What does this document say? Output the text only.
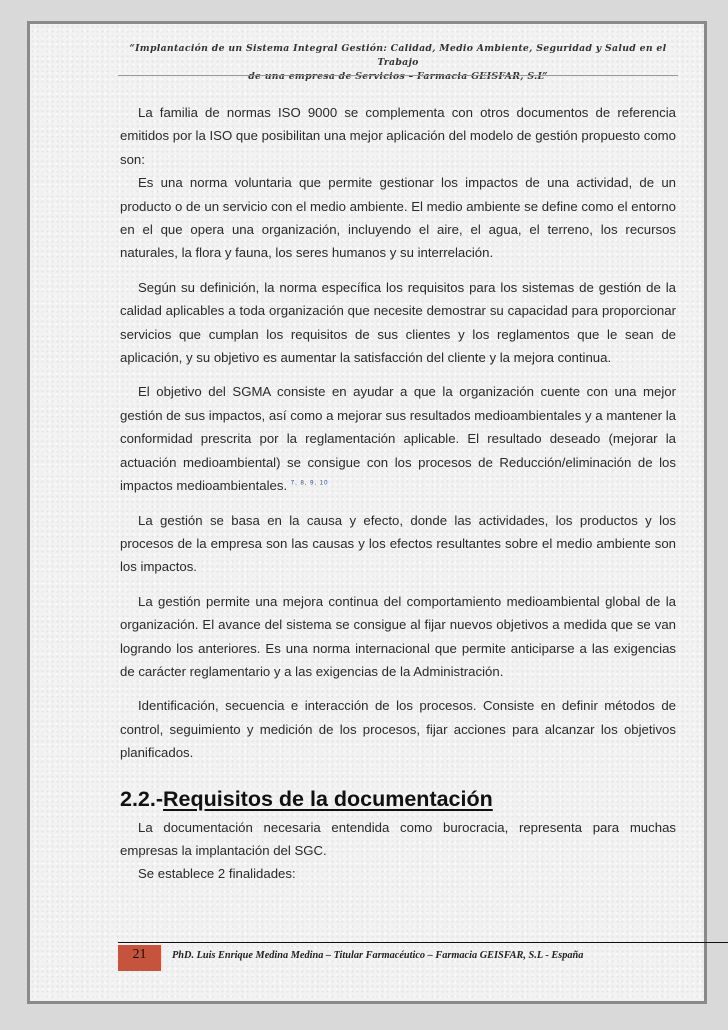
“Implantación de un Sistema Integral Gestión: Calidad, Medio Ambiente, Seguridad y Salud en el Trabajo
de una empresa de Servicios – Farmacia GEISFAR, S.L”

La familia de normas ISO 9000 se complementa con otros documentos de referencia emitidos por la ISO que posibilitan una mejor aplicación del modelo de gestión propuesto como son:

Es una norma voluntaria que permite gestionar los impactos de una actividad, de un producto o de un servicio con el medio ambiente. El medio ambiente se define como el entorno en el que opera una organización, incluyendo el aire, el agua, el terreno, los recursos naturales, la flora y fauna, los seres humanos y su interrelación.

Según su definición, la norma específica los requisitos para los sistemas de gestión de la calidad aplicables a toda organización que necesite demostrar su capacidad para proporcionar servicios que cumplan los requisitos de sus clientes y los reglamentos que le sean de aplicación, y su objetivo es aumentar la satisfacción del cliente y la mejora continua.

El objetivo del SGMA consiste en ayudar a que la organización cuente con una mejor gestión de sus impactos, así como a mejorar sus resultados medioambientales y a mantener la conformidad prescrita por la reglamentación aplicable. El resultado deseado (mejorar la actuación medioambiental) se consigue con los procesos de Reducción/eliminación de los impactos medioambientales. $^{7, 8, 9, 10}$

La gestión se basa en la causa y efecto, donde las actividades, los productos y los procesos de la empresa son las causas y los efectos resultantes sobre el medio ambiente son los impactos.

La gestión permite una mejora continua del comportamiento medioambiental global de la organización. El avance del sistema se consigue al fijar nuevos objetivos a medida que se van logrando los anteriores. Es una norma internacional que permite anticiparse a las exigencias de carácter reglamentario y a las exigencias de la Administración.

Identificación, secuencia e interacción de los procesos. Consiste en definir métodos de control, seguimiento y medición de los procesos, fijar acciones para alcanzar los objetivos planificados.

2.2.-Requisitos de la documentación

La documentación necesaria entendida como burocracia, representa para muchas empresas la implantación del SGC.

Se establece 2 finalidades:

21	PhD. Luis Enrique Medina Medina – Titular Farmacéutico – Farmacia GEISFAR, S.L - España
